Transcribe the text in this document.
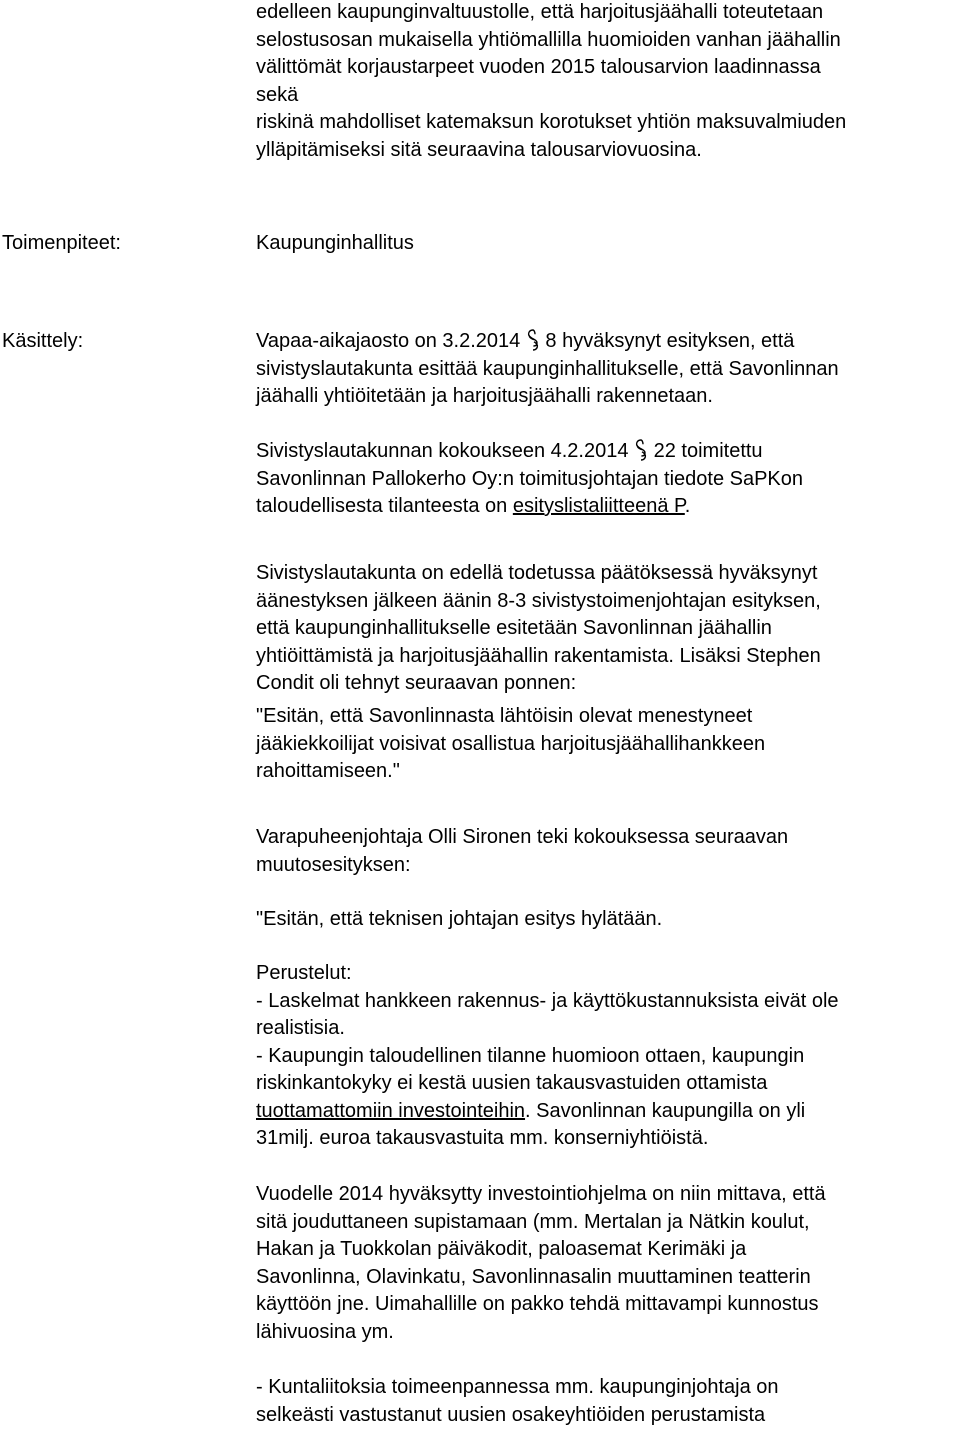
edelleen kaupunginvaltuustolle, että harjoitusjäähalli toteutetaan
selostusosan mukaisella yhtiömallilla huomioiden vanhan jäähallin
välittömät korjaustarpeet vuoden 2015 talousarvion laadinnassa
sekä
riskinä mahdolliset katemaksun korotukset yhtiön maksuvalmiuden
ylläpitämiseksi sitä seuraavina talousarviovuosina.
Toimenpiteet:	Kaupunginhallitus
Käsittely:	Vapaa-aikajaosto on 3.2.2014 8 hyväksynyt esityksen, että
sivistyslautakunta esittää kaupunginhallitukselle, että Savonlinnan
jäähalli yhtiöitetään ja harjoitusjäähalli rakennetaan.
Sivistyslautakunnan kokoukseen 4.2.2014 22 toimitettu
Savonlinnan Pallokerho Oy:n toimitusjohtajan tiedote SaPKon
taloudellisesta tilanteesta on esityslistaliitteenä P.
Sivistyslautakunta on edellä todetussa päätöksessä hyväksynyt
äänestyksen jälkeen äänin 8-3 sivistystoimenjohtajan esityksen,
että kaupunginhallitukselle esitetään Savonlinnan jäähallin
yhtiöittämistä ja harjoitusjäähallin rakentamista. Lisäksi Stephen
Condit oli tehnyt seuraavan ponnen:
"Esitän, että Savonlinnasta lähtöisin olevat menestyneet
jääkiekkoilijat voisivat osallistua harjoitusjäähallihankkeen
rahoittamiseen."
Varapuheenjohtaja Olli Sironen teki kokouksessa seuraavan
muutosesityksen:
"Esitän, että teknisen johtajan esitys hylätään.
Perustelut:
- Laskelmat hankkeen rakennus- ja käyttökustannuksista eivät ole
realistisia.
- Kaupungin taloudellinen tilanne huomioon ottaen, kaupungin
riskinkantokyky ei kestä uusien takausvastuiden ottamista
tuottamattomiin investointeihin. Savonlinnan kaupungilla on yli
31milj. euroa takausvastuita mm. konserniyhtiöistä.
Vuodelle 2014 hyväksytty investointiohjelma on niin mittava, että
sitä jouduttaneen supistamaan (mm. Mertalan ja Nätkin koulut,
Hakan ja Tuokkolan päiväkodit, paloasemat Kerimäki ja
Savonlinna, Olavinkatu, Savonlinnasalin muuttaminen teatterin
käyttöön jne. Uimahallille on pakko tehdä mittavampi kunnostus
lähivuosina ym.
- Kuntaliitoksia toimeenpannessa mm. kaupunginjohtaja on
selkeästi vastustanut uusien osakeyhtiöiden perustamista
